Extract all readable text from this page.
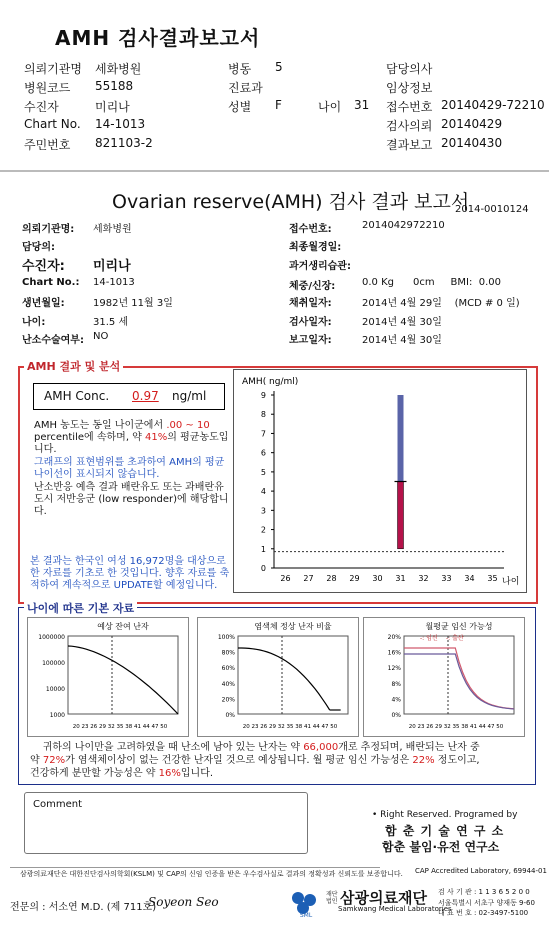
AMH 검사결과보고서
의뢰기관명 세화병원	병동 5	담당의사
병원코드 55188	진료과	임상정보
수진자	미리나	성별 F	나이 31 접수번호 20140429-72210
Chart No. 14-1013	검사의뢰 20140429
주민번호 821103-2	결과보고 20140430
Ovarian reserve(AMH) 검사 결과 보고서
2014-0010124
의뢰기관명: 세화병원
담당의:
수진자: 미리나
Chart No.: 14-1013
생년월일:	1982년 11월 3일
나이:	31.5 세
난소수술여부: NO
접수번호:	2014042972210
최종월경일:
과거생리습관:
체중/신장:	0.0 Kg      0cm     BMI:  0.00
채취일자:	2014년 4월 29일    (MCD # 0 일)
검사일자:	2014년 4월 30일
보고일자:	2014년 4월 30일
AMH 결과 및 분석
AMH Conc. 0.97 ng/ml
AMH 농도는 동일 나이군에서 .00 ~ 10 percentile에 속하며, 약 41%의 평균농도입니다.
그래프의 표현범위를 초과하여 AMH의 평균나이선이 표시되지 않습니다.
난소반응 예측 결과 배란유도 또는 과배란유도시 저반응군 (low responder)에 해당합니다.
본 결과는 한국인 여성 16,972명을 대상으로 한 자료를 기초로 한 것입니다. 향후 자료를 축적하여 계속적으로 UPDATE할 예정입니다.
AMH( ng/ml)
0
1
2
3
4
5
6
7
8
9
26 27 28 29 30 31 32 33 34 35 나이
나이에 따른 기본 자료
예상 잔여 난자
1000000
100000
10000
1000
20 23 26 29 32 35 38 41 44 47 50
염색체 정상 난자 비율
100%
80%
60%
40%
20%
0%
20 23 26 29 32 35 38 41 44 47 50
월평균 임신 가능성
20%
16%
12%
8%
4%
0%
20 23 26 29 32 35 38 41 44 47 50
-: 임신 -: 출산
귀하의 나이만을 고려하였을 때 난소에 남아 있는 난자는 약 66,000개로 추정되며, 배란되는 난자 중
약 72%가 염색체이상이 없는 건강한 난자일 것으로 예상됩니다. 월 평균 임신 가능성은 22% 정도이고,
건강하게 분만할 가능성은 약 16%입니다.
Comment
• Right Reserved. Programed by
함 춘 기 술 연 구 소
함춘 불임·유전 연구소
삼광의료재단은 대한진단검사의학회(KSLM) 및 CAP의 신임 인증을 받은 우수검사실로 결과의 정확성과 신뢰도를 보증합니다. CAP Accredited Laboratory, 69944-01
전문의 : 서소연 M.D. (제 711호)
Soyeon Seo
SML
재단
법인 삼광의료재단
Samkwang Medical Laboratories
검 사 기 관 : 1 1 3 6 5 2 0 0
서울특별시 서초구 양재동 9-60
대 표 번 호 : 02-3497-5100
